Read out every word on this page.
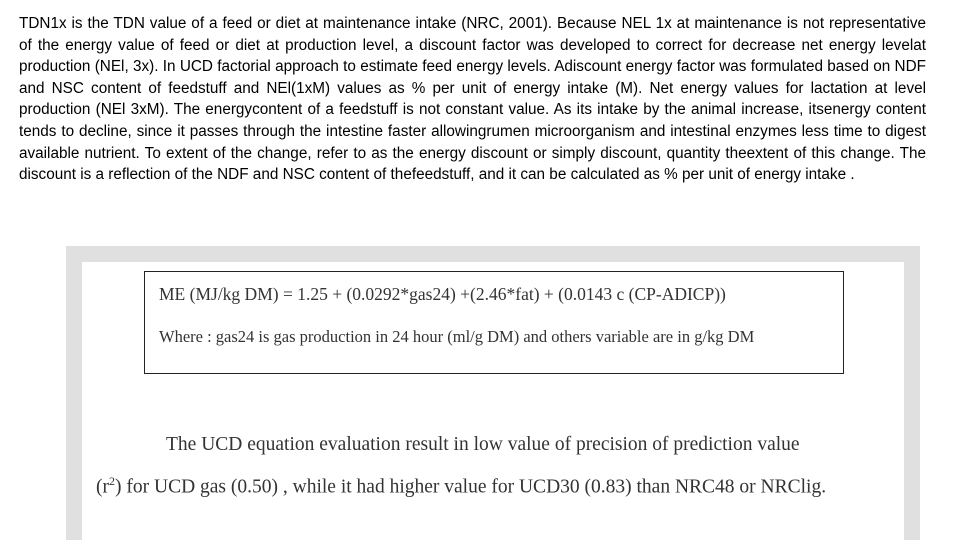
TDN1x is the TDN value of a feed or diet at maintenance intake (NRC, 2001). Because NEL 1x at maintenance is not representative of the energy value of feed or diet at production level, a discount factor was developed to correct for decrease net energy levelat production (NEl, 3x). In UCD factorial approach to estimate feed energy levels. Adiscount energy factor was formulated based on NDF and NSC content of feedstuff and NEl(1xM) values as % per unit of energy intake (M). Net energy values for lactation at level production (NEl 3xM). The energycontent of a feedstuff is not constant value. As its intake by the animal increase, itsenergy content tends to decline, since it passes through the intestine faster allowingrumen microorganism and intestinal enzymes less time to digest available nutrient. To extent of the change, refer to as the energy discount or simply discount, quantity theextent of this change. The discount is a reflection of the NDF and NSC content of thefeedstuff, and it can be calculated as % per unit of energy intake .

ME (MJ/kg DM) = 1.25 + (0.0292*gas24) +(2.46*fat) + (0.0143 c (CP-ADICP))
Where : gas24 is gas production in 24 hour (ml/g DM) and others variable are in g/kg DM
The UCD equation evaluation result in low value of precision of prediction value
$(r^2)$ for UCD gas (0.50) , while it had higher value for UCD30 (0.83) than NRC48 or NRClig.
